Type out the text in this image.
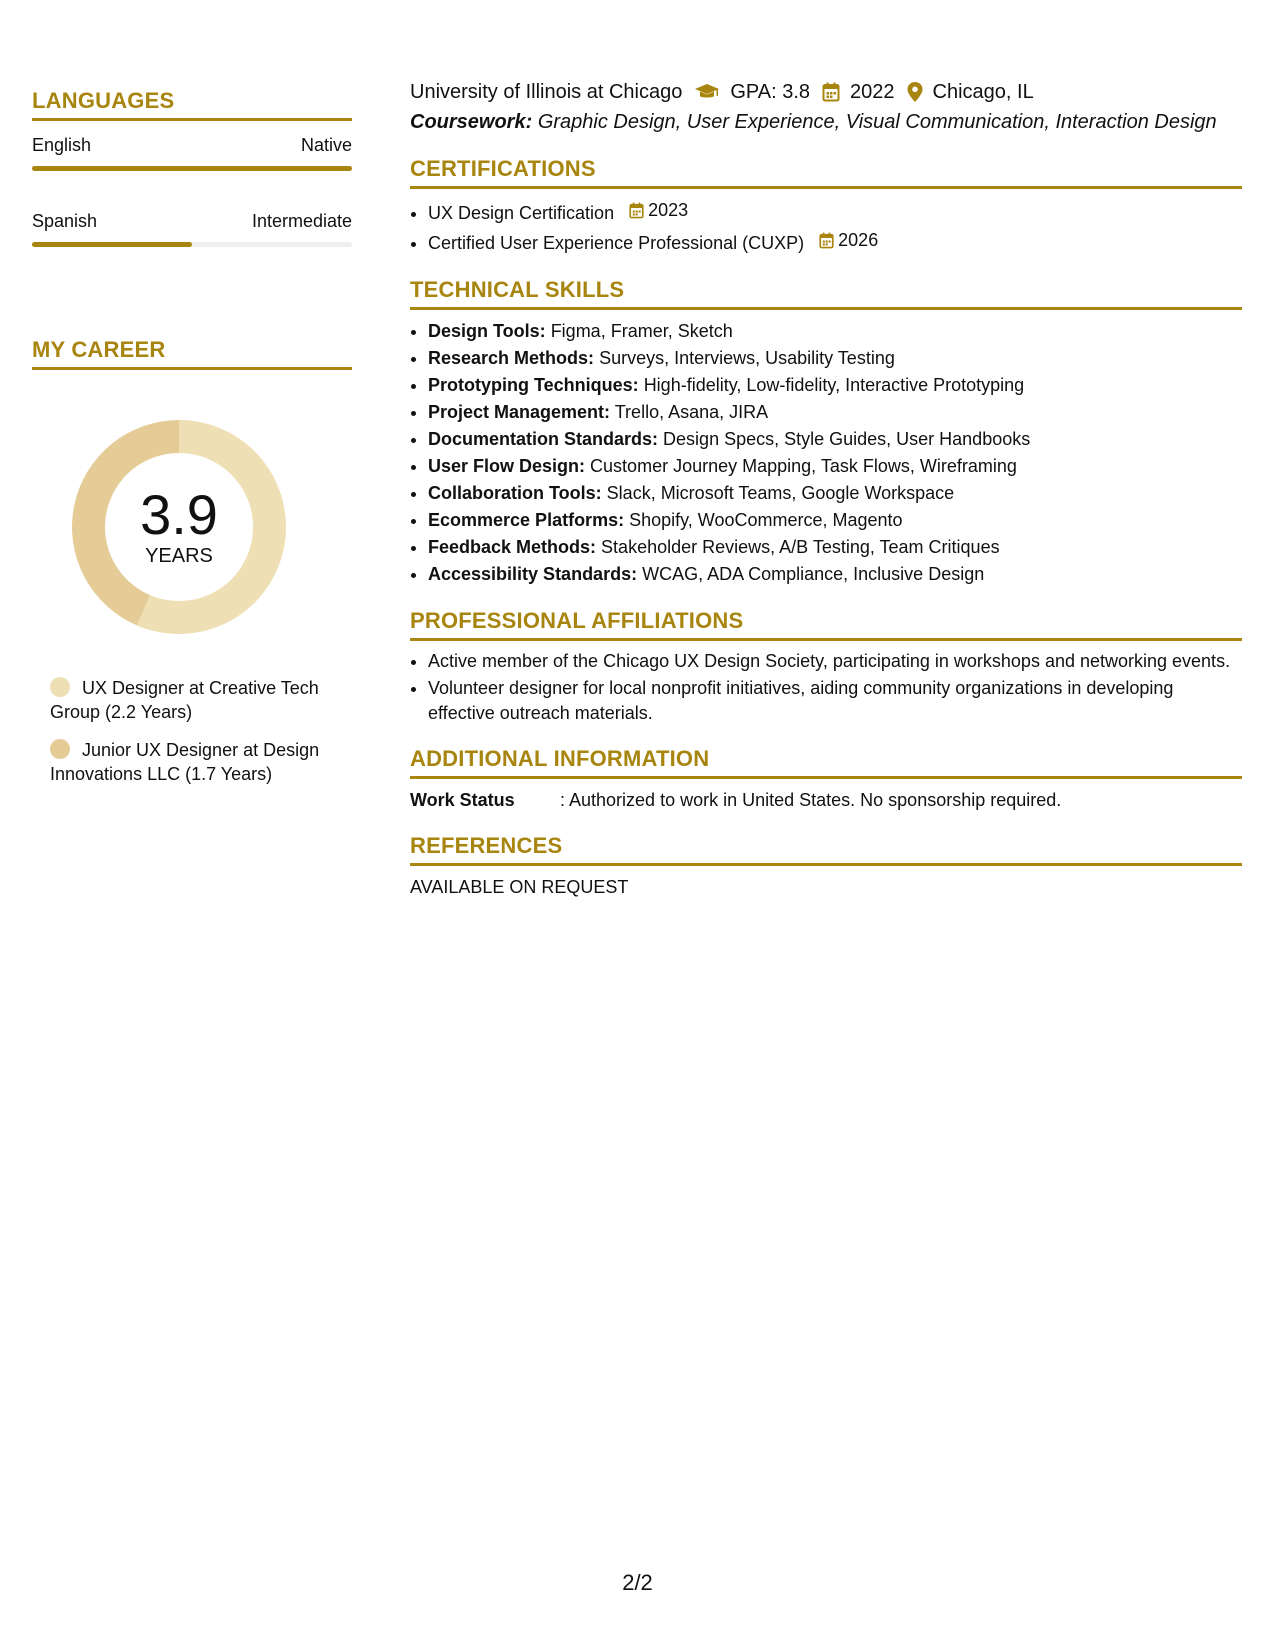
LANGUAGES
English	Native
Spanish	Intermediate
MY CAREER
3.9
YEARS
UX Designer at Creative Tech Group (2.2 Years)
Junior UX Designer at Design Innovations LLC (1.7 Years)
University of Illinois at Chicago GPA: 3.8 2022 Chicago, IL
Coursework: Graphic Design, User Experience, Visual Communication, Interaction Design
CERTIFICATIONS
• UX Design Certification 2023
• Certified User Experience Professional (CUXP) 2026
TECHNICAL SKILLS
• Design Tools: Figma, Framer, Sketch
• Research Methods: Surveys, Interviews, Usability Testing
• Prototyping Techniques: High-fidelity, Low-fidelity, Interactive Prototyping
• Project Management: Trello, Asana, JIRA
• Documentation Standards: Design Specs, Style Guides, User Handbooks
• User Flow Design: Customer Journey Mapping, Task Flows, Wireframing
• Collaboration Tools: Slack, Microsoft Teams, Google Workspace
• Ecommerce Platforms: Shopify, WooCommerce, Magento
• Feedback Methods: Stakeholder Reviews, A/B Testing, Team Critiques
• Accessibility Standards: WCAG, ADA Compliance, Inclusive Design
PROFESSIONAL AFFILIATIONS
• Active member of the Chicago UX Design Society, participating in workshops and networking events.
• Volunteer designer for local nonprofit initiatives, aiding community organizations in developing effective outreach materials.
ADDITIONAL INFORMATION
Work Status	: Authorized to work in United States. No sponsorship required.
REFERENCES
AVAILABLE ON REQUEST
2/2
